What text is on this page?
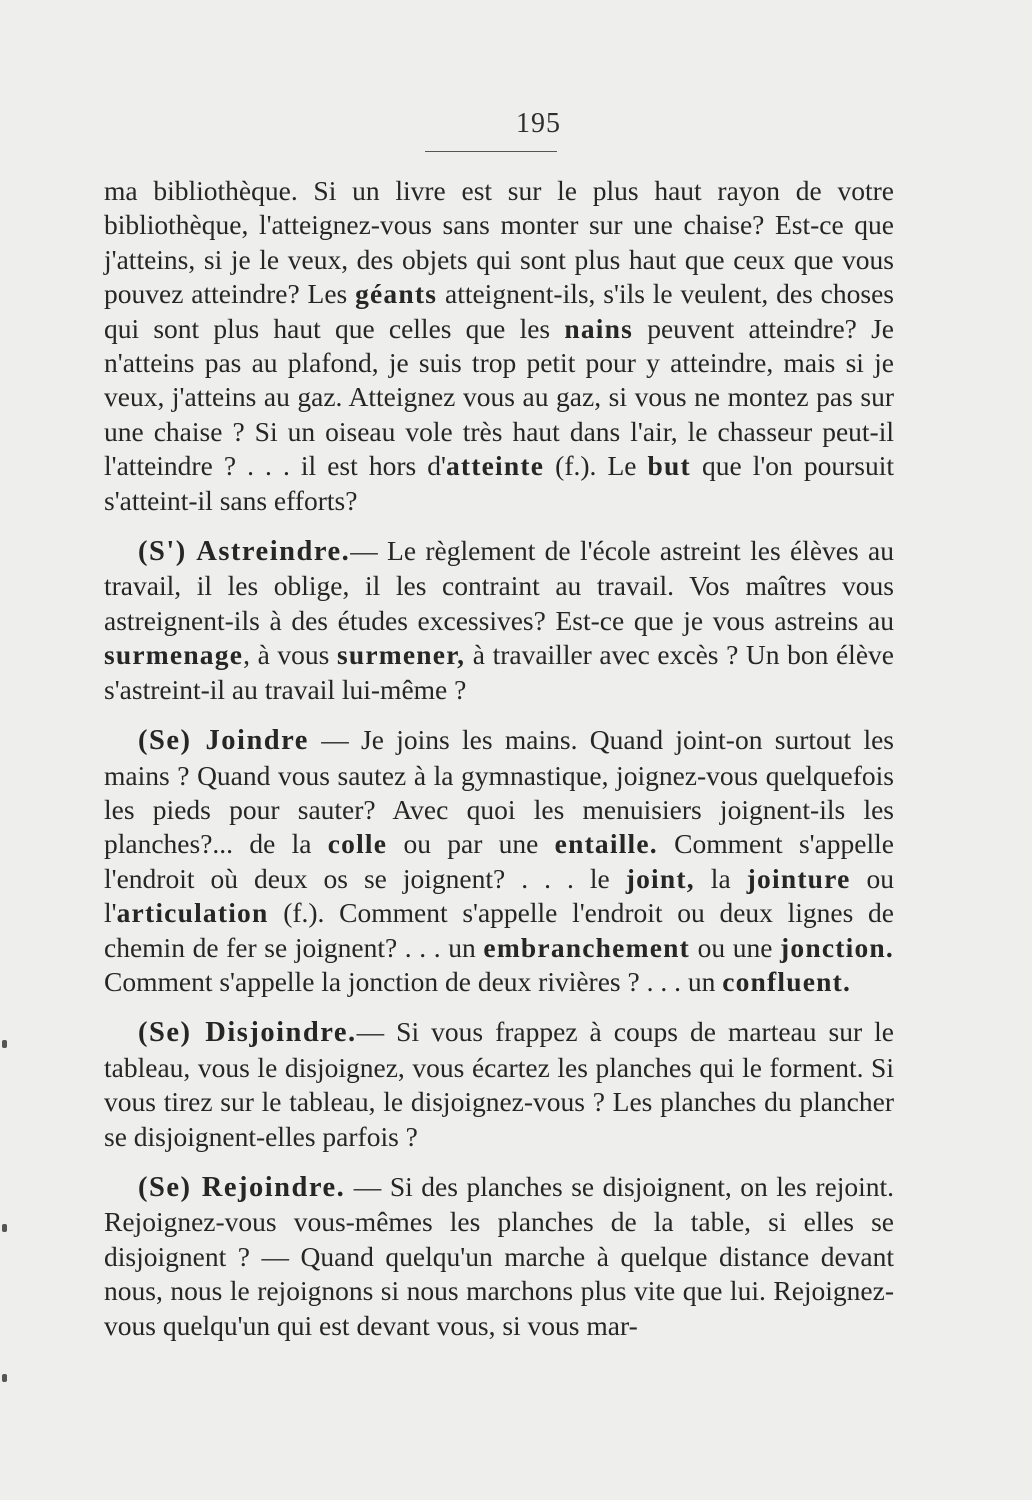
195

ma bibliothèque. Si un livre est sur le plus haut rayon de votre bibliothèque, l'atteignez-vous sans monter sur une chaise? Est-ce que j'atteins, si je le veux, des objets qui sont plus haut que ceux que vous pouvez atteindre? Les géants atteignent-ils, s'ils le veulent, des choses qui sont plus haut que celles que les nains peuvent atteindre? Je n'atteins pas au plafond, je suis trop petit pour y atteindre, mais si je veux, j'atteins au gaz. Atteignez vous au gaz, si vous ne montez pas sur une chaise ? Si un oiseau vole très haut dans l'air, le chasseur peut-il l'atteindre ? . . . il est hors d'atteinte (f.). Le but que l'on poursuit s'atteint-il sans efforts?

(S') Astreindre.— Le règlement de l'école astreint les élèves au travail, il les oblige, il les contraint au travail. Vos maîtres vous astreignent-ils à des études excessives? Est-ce que je vous astreins au surmenage, à vous surmener, à travailler avec excès ? Un bon élève s'astreint-il au travail lui-même ?

(Se) Joindre — Je joins les mains. Quand joint-on surtout les mains ? Quand vous sautez à la gymnastique, joignez-vous quelquefois les pieds pour sauter? Avec quoi les menuisiers joignent-ils les planches?... de la colle ou par une entaille. Comment s'appelle l'endroit où deux os se joignent? . . . le joint, la jointure ou l'articulation (f.). Comment s'appelle l'endroit ou deux lignes de chemin de fer se joignent? . . . un embranchement ou une jonction. Comment s'appelle la jonction de deux rivières ? . . . un confluent.

(Se) Disjoindre.— Si vous frappez à coups de marteau sur le tableau, vous le disjoignez, vous écartez les planches qui le forment. Si vous tirez sur le tableau, le disjoignez-vous ? Les planches du plancher se disjoignent-elles parfois ?

(Se) Rejoindre. — Si des planches se disjoignent, on les rejoint. Rejoignez-vous vous-mêmes les planches de la table, si elles se disjoignent ? — Quand quelqu'un marche à quelque distance devant nous, nous le rejoignons si nous marchons plus vite que lui. Rejoignez-vous quelqu'un qui est devant vous, si vous mar-
